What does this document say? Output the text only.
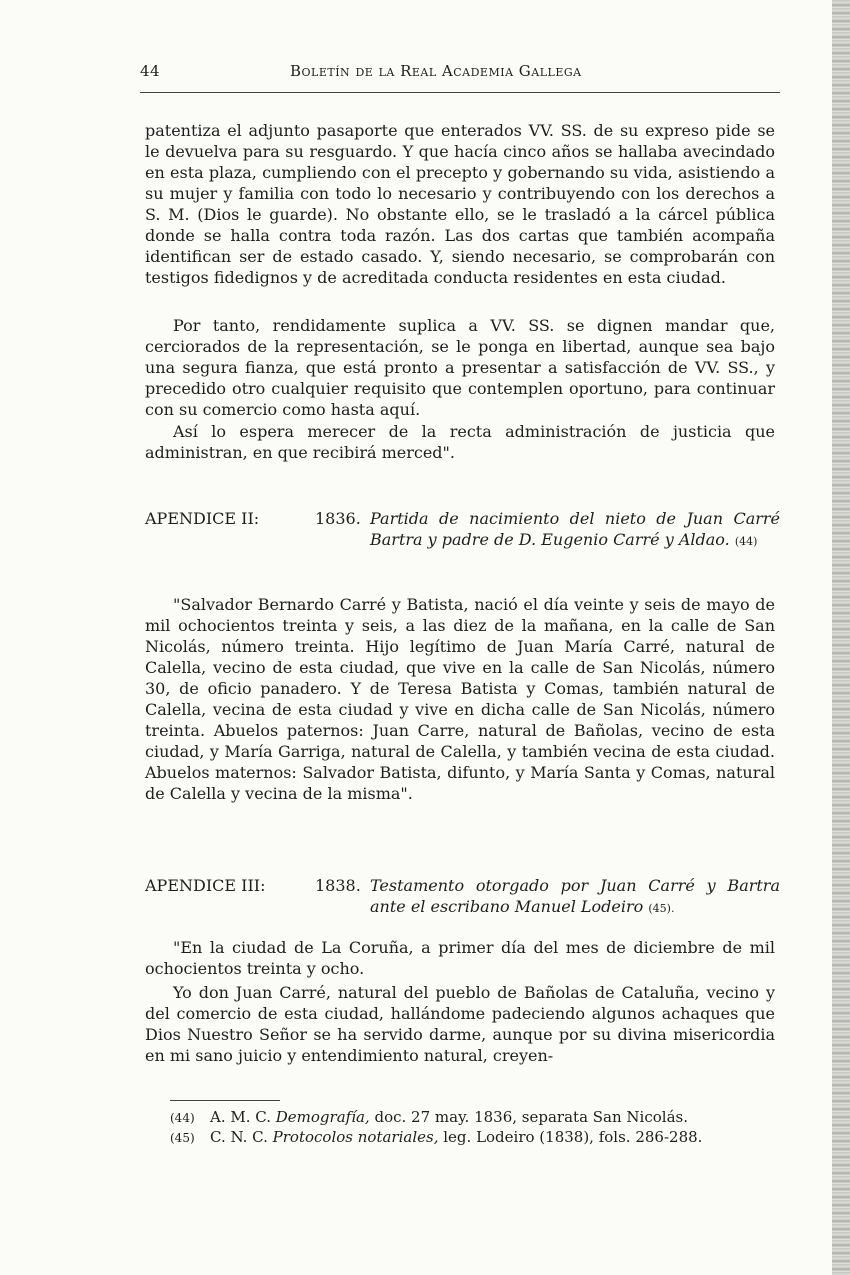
44	Boletín de la Real Academia Gallega

patentiza el adjunto pasaporte que enterados VV. SS. de su expreso pide se le devuelva para su resguardo. Y que hacía cinco años se hallaba avecindado en esta plaza, cumpliendo con el precepto y gobernando su vida, asistiendo a su mujer y familia con todo lo necesario y contribuyendo con los derechos a S. M. (Dios le guarde). No obstante ello, se le trasladó a la cárcel pública donde se halla contra toda razón. Las dos cartas que también acompaña identifican ser de estado casado. Y, siendo necesario, se comprobarán con testigos fidedignos y de acreditada conducta residentes en esta ciudad.

Por tanto, rendidamente suplica a VV. SS. se dignen mandar que, cerciorados de la representación, se le ponga en libertad, aunque sea bajo una segura fianza, que está pronto a presentar a satisfacción de VV. SS., y precedido otro cualquier requisito que contemplen oportuno, para continuar con su comercio como hasta aquí.

Así lo espera merecer de la recta administración de justicia que administran, en que recibirá merced".

APENDICE II:	1836. Partida de nacimiento del nieto de Juan Carré Bartra y padre de D. Eugenio Carré y Aldao. (44)

"Salvador Bernardo Carré y Batista, nació el día veinte y seis de mayo de mil ochocientos treinta y seis, a las diez de la mañana, en la calle de San Nicolás, número treinta. Hijo legítimo de Juan María Carré, natural de Calella, vecino de esta ciudad, que vive en la calle de San Nicolás, número 30, de oficio panadero. Y de Teresa Batista y Comas, también natural de Calella, vecina de esta ciudad y vive en dicha calle de San Nicolás, número treinta. Abuelos paternos: Juan Carre, natural de Bañolas, vecino de esta ciudad, y María Garriga, natural de Calella, y también vecina de esta ciudad. Abuelos maternos: Salvador Batista, difunto, y María Santa y Comas, natural de Calella y vecina de la misma".

APENDICE III:	1838. Testamento otorgado por Juan Carré y Bartra ante el escribano Manuel Lodeiro (45).

"En la ciudad de La Coruña, a primer día del mes de diciembre de mil ochocientos treinta y ocho.

Yo don Juan Carré, natural del pueblo de Bañolas de Cataluña, vecino y del comercio de esta ciudad, hallándome padeciendo algunos achaques que Dios Nuestro Señor se ha servido darme, aunque por su divina misericordia en mi sano juicio y entendimiento natural, creyen-

(44) A. M. C. Demografía, doc. 27 may. 1836, separata San Nicolás.
(45) C. N. C. Protocolos notariales, leg. Lodeiro (1838), fols. 286-288.
